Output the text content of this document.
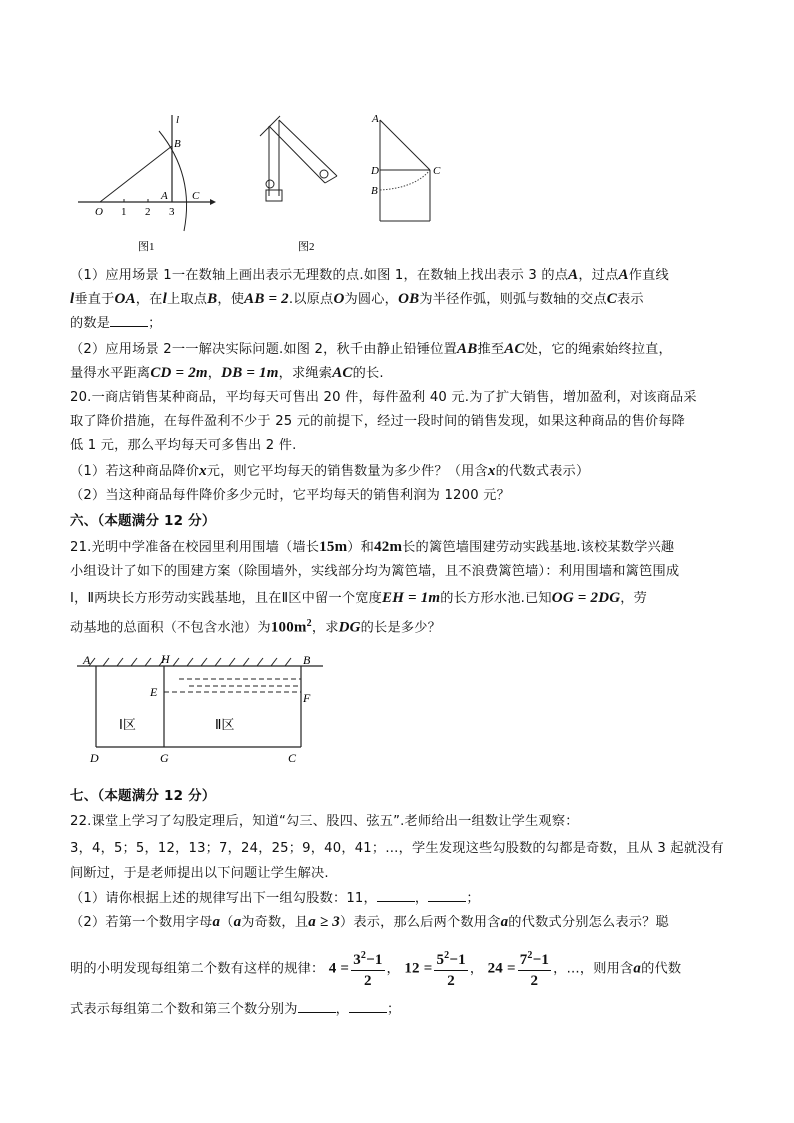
l
B
A C
O 1 2 3
图1
A
D	C
B
图2
（1）应用场景 1一在数轴上画出表示无理数的点.如图 1，在数轴上找出表示 3 的点A，过点A作直线
l垂直于OA，在l上取点B，使AB = 2.以原点O为圆心，OB为半径作弧，则弧与数轴的交点C表示
的数是	；
（2）应用场景 2一一解决实际问题.如图 2，秋千由静止铅锤位置AB推至AC处，它的绳索始终拉直，
量得水平距离CD = 2m，DB = 1m，求绳索AC的长.
20.一商店销售某种商品，平均每天可售出 20 件，每件盈利 40 元.为了扩大销售，增加盈利，对该商品采
取了降价措施，在每件盈利不少于 25 元的前提下，经过一段时间的销售发现，如果这种商品的售价每降
低 1 元，那么平均每天可多售出 2 件.
（1）若这种商品降价x元，则它平均每天的销售数量为多少件？（用含x的代数式表示）
（2）当这种商品每件降价多少元时，它平均每天的销售利润为 1200 元？
六、（本题满分 12 分）
21.光明中学准备在校园里利用围墙（墙长15m）和42m长的篱笆墙围建劳动实践基地.该校某数学兴趣
小组设计了如下的围建方案（除围墙外，实线部分均为篱笆墙，且不浪费篱笆墙）：利用围墙和篱笆围成
Ⅰ，Ⅱ两块长方形劳动实践基地，且在Ⅱ区中留一个宽度EH = 1m的长方形水池.已知OG = 2DG，劳
动基地的总面积（不包含水池）为$100m^2$，求DG的长是多少？
A	H	B
E	F
D	G	C
Ⅰ区	Ⅱ区
七、（本题满分 12 分）
22.课堂上学习了勾股定理后，知道“勾三、股四、弦五”.老师给出一组数让学生观察：
3，4，5；5，12，13；7，24，25；9，40，41；…，学生发现这些勾股数的勾都是奇数，且从 3 起就没有
间断过，于是老师提出以下问题让学生解决.
（1）请你根据上述的规律写出下一组勾股数：11，	，	；
（2）若第一个数用字母a（a为奇数，且a ≥ 3）表示，那么后两个数用含a的代数式分别怎么表示？聪
明的小明发现每组第二个数有这样的规律： $4 = \frac{3^2-1}{2}$ ， $12 = \frac{5^2-1}{2}$ ， $24 = \frac{7^2-1}{2}$ ，…，则用含a的代数
式表示每组第二个数和第三个数分别为	，	；
